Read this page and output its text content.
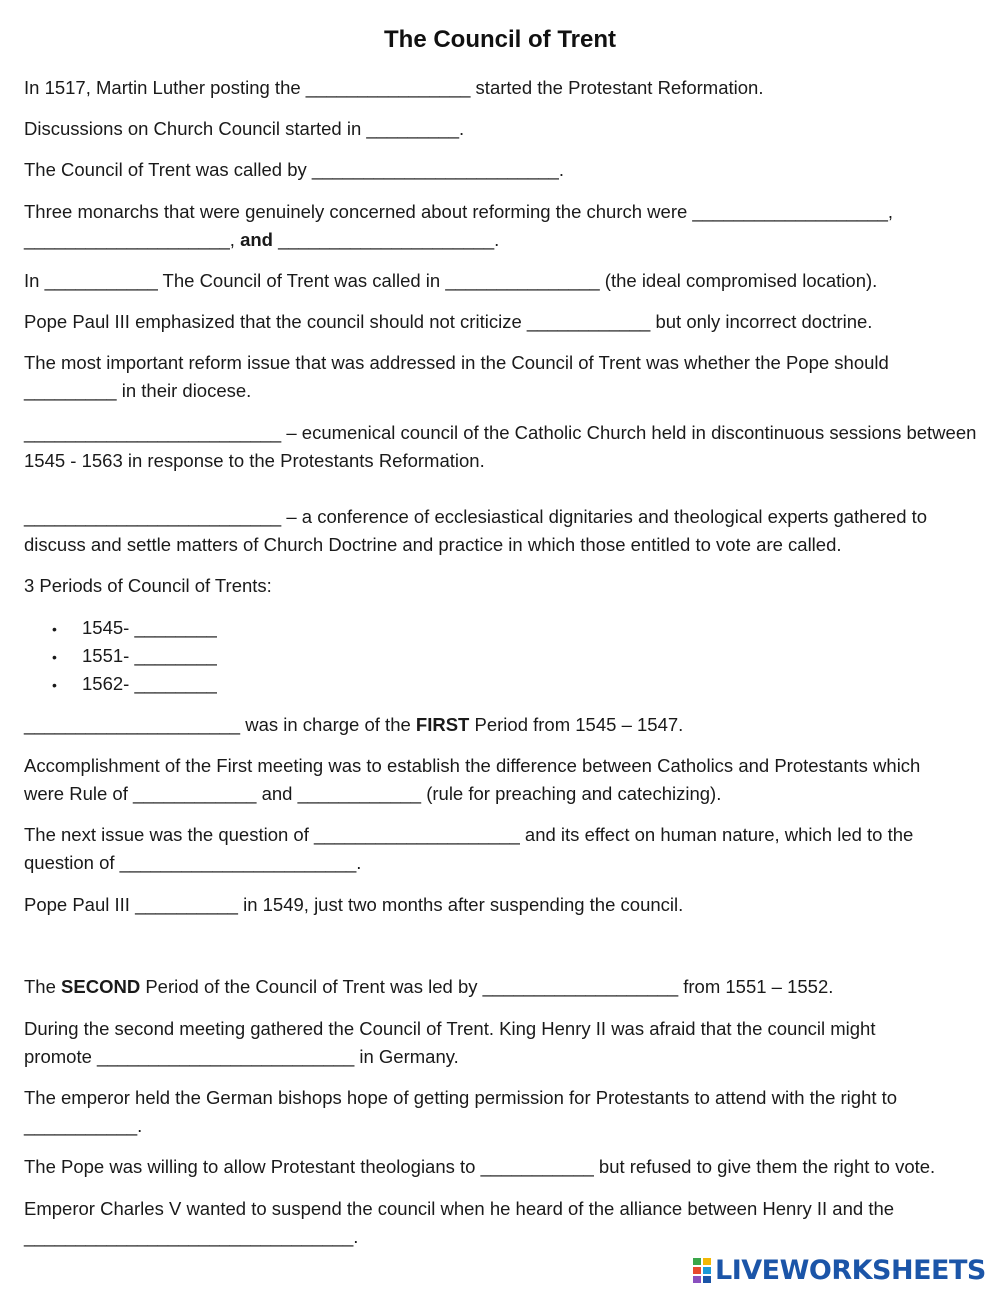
The Council of Trent
In 1517, Martin Luther posting the ________________ started the Protestant Reformation.
Discussions on Church Council started in _________.
The Council of Trent was called by ________________________.
Three monarchs that were genuinely concerned about reforming the church were ___________________,
____________________, and _____________________.
In ___________ The Council of Trent was called in _______________ (the ideal compromised location).
Pope Paul III emphasized that the council should not criticize ____________ but only incorrect doctrine.
The most important reform issue that was addressed in the Council of Trent was whether the Pope should
_________ in their diocese.
_________________________ – ecumenical council of the Catholic Church held in discontinuous sessions between
1545 - 1563 in response to the Protestants Reformation.
_________________________ – a conference of ecclesiastical dignitaries and theological experts gathered to
discuss and settle matters of Church Doctrine and practice in which those entitled to vote are called.
3 Periods of Council of Trents:
• 1545- ________
• 1551- ________
• 1562- ________
_____________________ was in charge of the FIRST Period from 1545 – 1547.
Accomplishment of the First meeting was to establish the difference between Catholics and Protestants which
were Rule of ____________ and ____________ (rule for preaching and catechizing).
The next issue was the question of ____________________ and its effect on human nature, which led to the
question of _______________________.
Pope Paul III __________ in 1549, just two months after suspending the council.
The SECOND Period of the Council of Trent was led by ___________________ from 1551 – 1552.
During the second meeting gathered the Council of Trent. King Henry II was afraid that the council might
promote _________________________ in Germany.
The emperor held the German bishops hope of getting permission for Protestants to attend with the right to
___________.
The Pope was willing to allow Protestant theologians to ___________ but refused to give them the right to vote.
Emperor Charles V wanted to suspend the council when he heard of the alliance between Henry II and the
________________________________.
LIVEWORKSHEETS
